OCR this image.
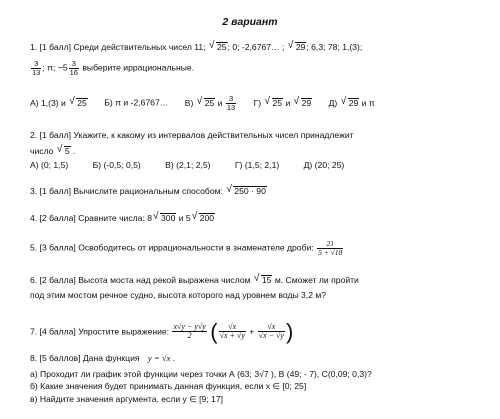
2 вариант
1. [1 балл] Среди действительных чисел 11; √ 25; 0; -2,6767… ; √ 29; 6,3; 78; 1,(3);
$\frac{3}{13}$ ; π; $-5 \frac{3}{16}$ выберите иррациональные.
А) 1,(3) и √ 25 Б) π и -2,6767… В) √ 25 и $\frac{3}{13} Г$) √ 25 и √ 29 Д) √ 29 и π
2. [1 балл] Укажите, к какому из интервалов действительных чисел принадлежит
число √ 5 .
А) (0; 1,5)	Б) (-0,5; 0,5)	В) (2,1; 2,5)	Г) (1,5; 2,1)	Д) (20; 25)
3. [1 балл] Вычислите рациональным способом: √ 250 · 90
4. [2 балла] Сравните числа: 8 √ 300 и 5 √ 200
5. [3 балла] Освободитесь от иррациональности в знаменателе дроби: $\frac{21}{5 + √18}$
6. [2 балла] Высота моста над рекой выражена числом √ 15 м. Сможет ли пройти
под этим мостом речное судно, высота которого над уровнем воды 3,2 м?
7. [4 балла] Упростите выражение: $\frac{x√y - y√y}{2}$ ( $\frac{√x}{√x + √y} + \frac{√x}{√x - √y}$ )
8. [5 баллов] Дана функция y = √x .
а) Проходит ли график этой функции через точки А (63; 3√7 ), В (49; - 7), С(0,09; 0,3)?
б) Какие значения будет принимать данная функция, если x ∈ [0; 25]
в) Найдите значения аргумента, если y ∈ [9; 17]
